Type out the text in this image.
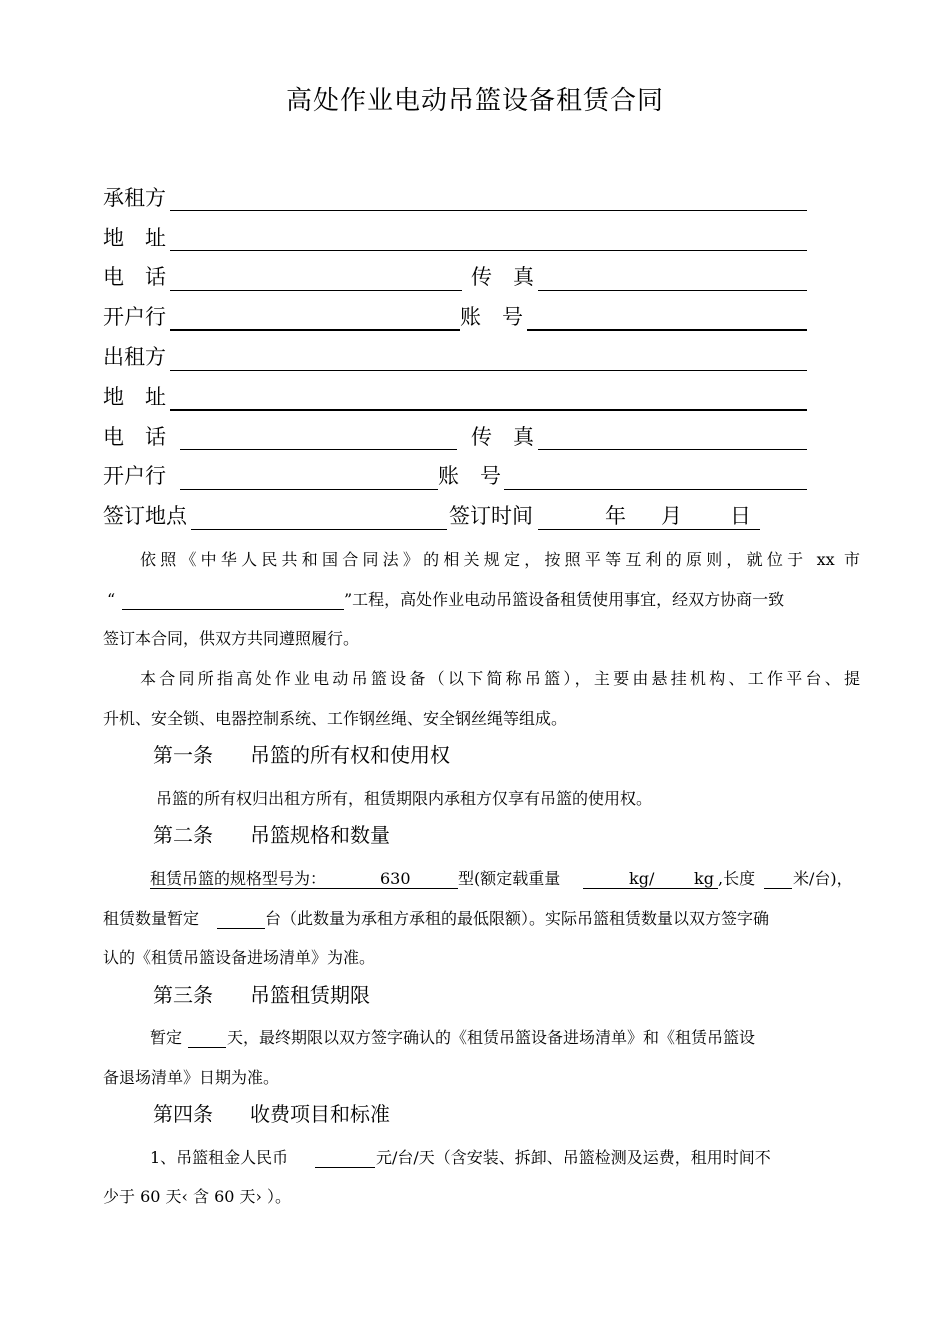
高处作业电动吊篮设备租赁合同
承租方
地　址
电　话	传　真
开户行	账　号
出租方
地　址
电　话	传　真
开户行	账　号
签订地点	签订时间	年 月 日
依照《中华人民共和国合同法》的相关规定，按照平等互利的原则，就位于 xx 市
“	”工程，高处作业电动吊篮设备租赁使用事宜，经双方协商一致
签订本合同，供双方共同遵照履行。
本合同所指高处作业电动吊篮设备（以下简称吊篮），主要由悬挂机构、工作平台、提
升机、安全锁、电器控制系统、工作钢丝绳、安全钢丝绳等组成。
第一条 吊篮的所有权和使用权
吊篮的所有权归出租方所有，租赁期限内承租方仅享有吊篮的使用权。
第二条 吊篮规格和数量
租赁吊篮的规格型号为：	630	型(额定载重量	kg/ kg ,长度 米/台)，
租赁数量暂定	台（此数量为承租方承租的最低限额）。实际吊篮租赁数量以双方签字确
认的《租赁吊篮设备进场清单》为准。
第三条 吊篮租赁期限
暂定	天，最终期限以双方签字确认的《租赁吊篮设备进场清单》和《租赁吊篮设
备退场清单》日期为准。
第四条 收费项目和标准
1、吊篮租金人民币	元/台/天（含安装、拆卸、吊篮检测及运费，租用时间不
少于 60 天‹ 含 60 天› ）。
